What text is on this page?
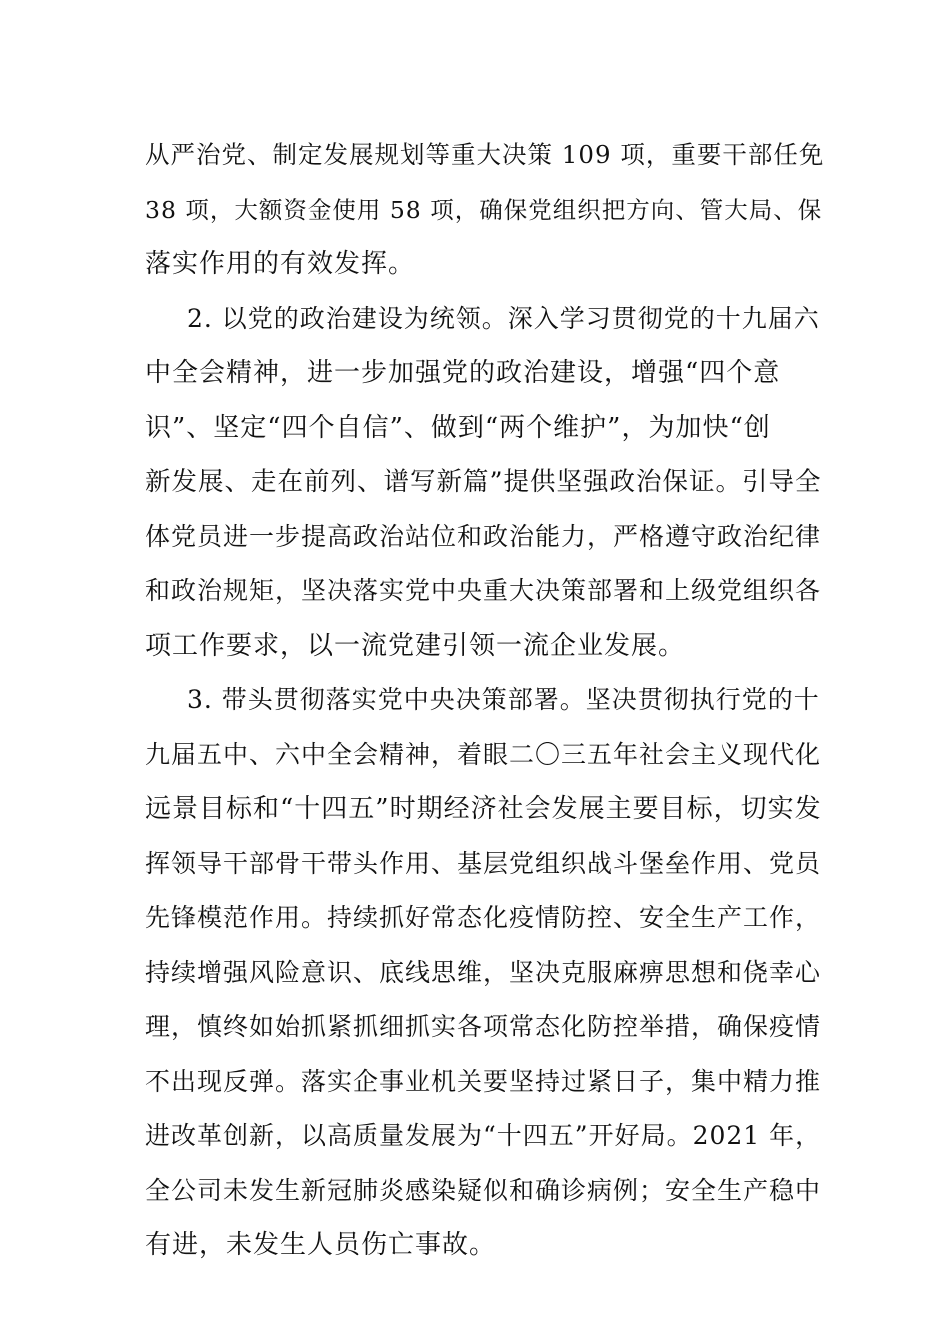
从严治党、制定发展规划等重大决策 109 项，重要干部任免
38 项，大额资金使用 58 项，确保党组织把方向、管大局、保
落实作用的有效发挥。
2. 以党的政治建设为统领。深入学习贯彻党的十九届六
中全会精神，进一步加强党的政治建设，增强“四个意
识”、坚定“四个自信”、做到“两个维护”，为加快“创
新发展、走在前列、谱写新篇”提供坚强政治保证。引导全
体党员进一步提高政治站位和政治能力，严格遵守政治纪律
和政治规矩，坚决落实党中央重大决策部署和上级党组织各
项工作要求，以一流党建引领一流企业发展。
3. 带头贯彻落实党中央决策部署。坚决贯彻执行党的十
九届五中、六中全会精神，着眼二〇三五年社会主义现代化
远景目标和“十四五”时期经济社会发展主要目标，切实发
挥领导干部骨干带头作用、基层党组织战斗堡垒作用、党员
先锋模范作用。持续抓好常态化疫情防控、安全生产工作，
持续增强风险意识、底线思维，坚决克服麻痹思想和侥幸心
理，慎终如始抓紧抓细抓实各项常态化防控举措，确保疫情
不出现反弹。落实企事业机关要坚持过紧日子，集中精力推
进改革创新，以高质量发展为“十四五”开好局。2021 年，
全公司未发生新冠肺炎感染疑似和确诊病例；安全生产稳中
有进，未发生人员伤亡事故。
